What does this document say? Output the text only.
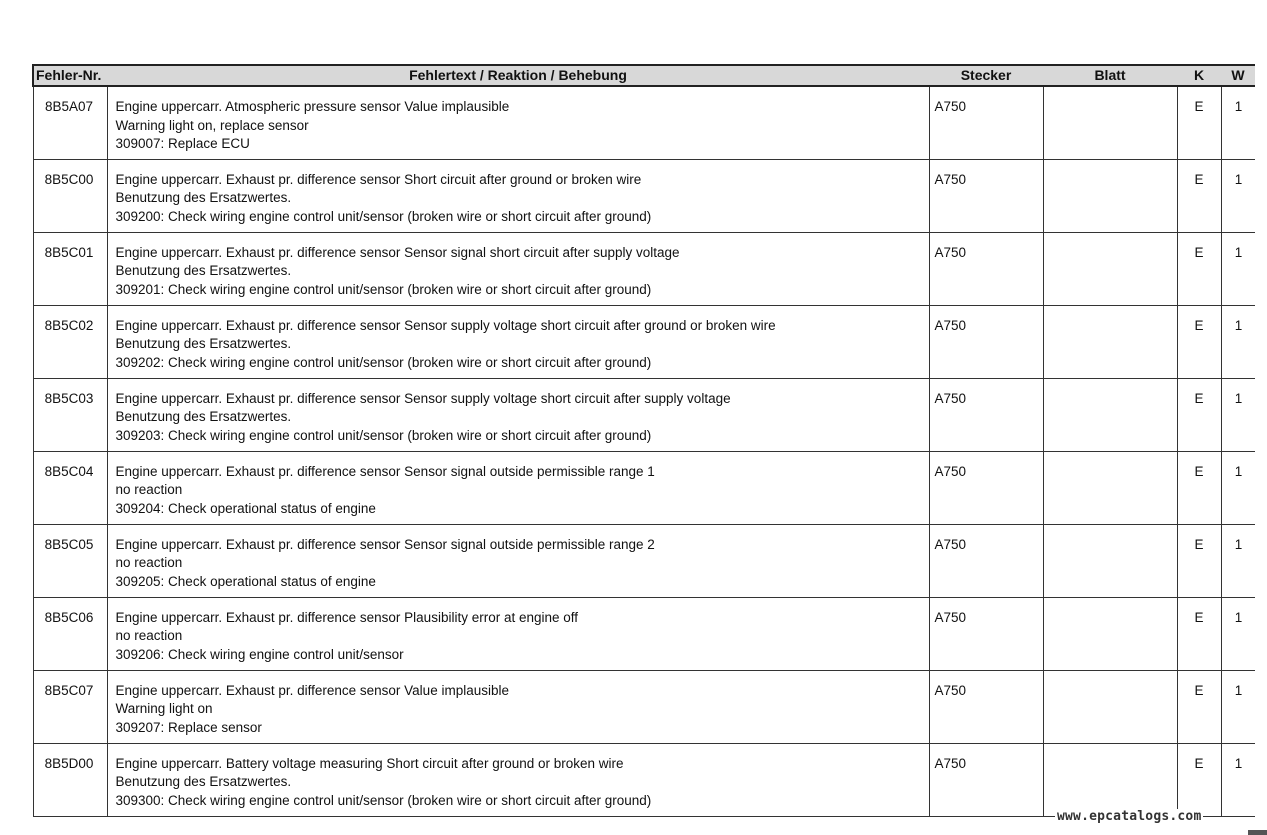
Fehler-Nr.	Fehlertext / Reaktion / Behebung	Stecker	Blatt	K	W
8B5A07	Engine uppercarr. Atmospheric pressure sensor Value implausible
Warning light on, replace sensor
309007: Replace ECU	A750		E	1
8B5C00	Engine uppercarr. Exhaust pr. difference sensor Short circuit after ground or broken wire
Benutzung des Ersatzwertes.
309200: Check wiring engine control unit/sensor (broken wire or short circuit after ground)	A750		E	1
8B5C01	Engine uppercarr. Exhaust pr. difference sensor Sensor signal short circuit after supply voltage
Benutzung des Ersatzwertes.
309201: Check wiring engine control unit/sensor (broken wire or short circuit after ground)	A750		E	1
8B5C02	Engine uppercarr. Exhaust pr. difference sensor Sensor supply voltage short circuit after ground or broken wire
Benutzung des Ersatzwertes.
309202: Check wiring engine control unit/sensor (broken wire or short circuit after ground)	A750		E	1
8B5C03	Engine uppercarr. Exhaust pr. difference sensor Sensor supply voltage short circuit after supply voltage
Benutzung des Ersatzwertes.
309203: Check wiring engine control unit/sensor (broken wire or short circuit after ground)	A750		E	1
8B5C04	Engine uppercarr. Exhaust pr. difference sensor Sensor signal outside permissible range 1
no reaction
309204: Check operational status of engine	A750		E	1
8B5C05	Engine uppercarr. Exhaust pr. difference sensor Sensor signal outside permissible range 2
no reaction
309205: Check operational status of engine	A750		E	1
8B5C06	Engine uppercarr. Exhaust pr. difference sensor Plausibility error at engine off
no reaction
309206: Check wiring engine control unit/sensor	A750		E	1
8B5C07	Engine uppercarr. Exhaust pr. difference sensor Value implausible
Warning light on
309207: Replace sensor	A750		E	1
8B5D00	Engine uppercarr. Battery voltage measuring Short circuit after ground or broken wire
Benutzung des Ersatzwertes.
309300: Check wiring engine control unit/sensor (broken wire or short circuit after ground)	A750		E	1
www.epcatalogs.com
